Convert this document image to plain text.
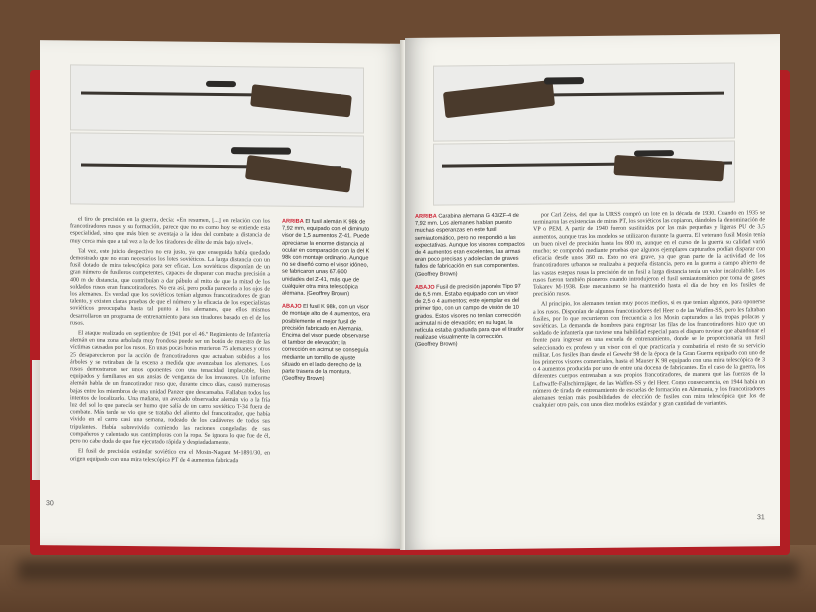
el tiro de precisión en la guerra, decía: «En resumen, [...] en relación con los francotiradores rusos y su formación, parece que no es como hoy se entiende esta especialidad, sino que más bien se aventaja a la idea del combate a distancia de muy cerca más que a tal vez a la de los tiradores de élite de más bajo nivel».

Tal vez, este juicio despectivo no era justo, ya que enseguida había quedado demostrado que no eran necesarios los lotes soviéticos. La larga distancia con un fusil dotado de mira telescópica para ser eficaz. Los soviéticos disponían de un gran número de fusileros competentes, capaces de disparar con mucha precisión a 400 m de distancia, que contribuían a dar pábulo al mito de que la mitad de los soldados rusos eran francotiradores. No era así, pero podía parecerlo a los ojos de los alemanes. Es verdad que los soviéticos tenían algunos francotiradores de gran talento, y existen claras pruebas de que el número y la eficacia de los especialistas soviéticos preocupaba hasta tal punto a los alemanes, que ellos mismos desarrollaron un programa de entrenamiento para sus tiradores basado en el de los rusos.

El ataque realizado en septiembre de 1941 por el 46.º Regimiento de Infantería alemán en una zona arbolada muy frondosa puede ser un botón de muestra de las víctimas causadas por los rusos. En unas pocas horas murieron 75 alemanes y otros 25 desaparecieron por la acción de francotiradores que actuaban subidos a los árboles y se retiraban de la escena a medida que avanzaban los alemanes. Los rusos demostraron ser unos oponentes con una tenacidad implacable, bien equipados y familiares en sus ansias de venganza de los invasores. Un informe alemán habla de un francotirador ruso que, durante cinco días, causó numerosas bajas entre los miembros de una unidad Panzer que descansaba. Fallaban todos los intentos de localizarlo. Una mañana, un avezado observador alemán vio a la fría luz del sol lo que parecía ser humo que salía de un carro soviético T-34 fuera de combate. Más tarde se vio que se trataba del aliento del francotirador, que había vivido en el carro casi una semana, rodeado de los cadáveres de todos sus tripulantes. Había sobrevivido comiendo las raciones congeladas de sus compañeros y calentado sus cantimploras con la ropa. Se ignora lo que fue de él, pero no cabe duda de que fue ejecutado rápida y despiadadamente.

El fusil de precisión estándar soviético era el Mosin-Nagant M-1891/30, en origen equipado con una mira telescópica PT de 4 aumentos fabricada

ARRIBA El fusil alemán K 98k de 7,92 mm, equipado con el diminuto visor de 1,5 aumentos Z-41. Puede apreciarse la enorme distancia al ocular en comparación con la del K 98k con montaje ordinario. Aunque no se diseñó como el visor idóneo, se fabricaron unas 67.600 unidades del Z-41, más que de cualquier otra mira telescópica alemana. (Geoffrey Brown)

ABAJO El fusil K 98k, con un visor de montaje alto de 4 aumentos, era posiblemente el mejor fusil de precisión fabricado en Alemania. Encima del visor puede observarse el tambor de elevación; la corrección en acimut se conseguía mediante un tornillo de ajuste situado en el lado derecho de la parte trasera de la montura. (Geoffrey Brown)

30

ARRIBA Carabina alemana G 43/ZF-4 de 7,92 mm. Los alemanes habían puesto muchas esperanzas en este fusil semiautomático, pero no respondió a las expectativas. Aunque los visores compactos de 4 aumentos eran excelentes, las armas eran poco precisas y adolecían de graves fallos de fabricación en sus componentes. (Geoffrey Brown)

ABAJO Fusil de precisión japonés Tipo 97 de 6,5 mm. Estaba equipado con un visor de 2,5 o 4 aumentos; este ejemplar es del primer tipo, con un campo de visión de 10 grados. Estos visores no tenían corrección acimutal ni de elevación; en su lugar, la retícula estaba graduada para que el tirador realizase visualmente la corrección. (Geoffrey Brown)

por Carl Zeiss, del que la URSS compró un lote en la década de 1930. Cuando en 1935 se terminaron las existencias de miras PT, los soviéticos las copiaron, dándoles la denominación de VP o PEM. A partir de 1940 fueron sustituidas por las más pequeñas y ligeras PU de 3,5 aumentos, aunque tras los modelos se utilizaron durante la guerra. El veterano fusil Mosin tenía un buen nivel de precisión hasta los 800 m, aunque en el curso de la guerra su calidad varió mucho; se comprobó mediante pruebas que algunos ejemplares capturados podían disparar con eficacia desde unos 360 m. Esto no era grave, ya que gran parte de la actividad de los francotiradores urbanos se realizaba a pequeña distancia, pero en la guerra a campo abierto de las vastas estepas rusas la precisión de un fusil a larga distancia tenía un valor incalculable. Los rusos fueron también pioneros cuando introdujeron el fusil semiautomático por toma de gases Tokarev M-1938. Este mecanismo se ha mantenido hasta el día de hoy en los fusiles de precisión rusos.

Al principio, los alemanes tenían muy pocos medios, si es que tenían algunos, para oponerse a los rusos. Disponían de algunos francotiradores del Heer o de las Waffen-SS, pero les faltaban fusiles, por lo que recurrieron con frecuencia a los Mosin capturados a las tropas polacas y soviéticas. La demanda de hombres para engrosar las filas de los francotiradores hizo que un soldado de infantería que tuviese una habilidad especial para el disparo tuviese que abandonar el frente para ingresar en una escuela de entrenamiento, donde se le proporcionaría un fusil seleccionado ex profeso y un visor con el que practicaría y combatiría el resto de su servicio militar. Los fusiles iban desde el Gewehr 98 de la época de la Gran Guerra equipado con uno de los primeros visores comerciales, hasta el Mauser K 98 equipado con una mira telescópica de 3 o 4 aumentos producida por uno de entre una docena de fabricantes. En el caso de la guerra, los diferentes cuerpos entrenaban a sus propios francotiradores, de manera que las fuerzas de la Luftwaffe-Fallschirmjäger, de las Waffen-SS y del Heer. Como consecuencia, en 1944 había un número de tirada de entrenamiento de escuelas de formación en Alemania, y los francotiradores alemanes tenían más posibilidades de elección de fusiles con mira telescópica que los de cualquier otro país, con unos diez modelos estándar y gran cantidad de variantes.

31
